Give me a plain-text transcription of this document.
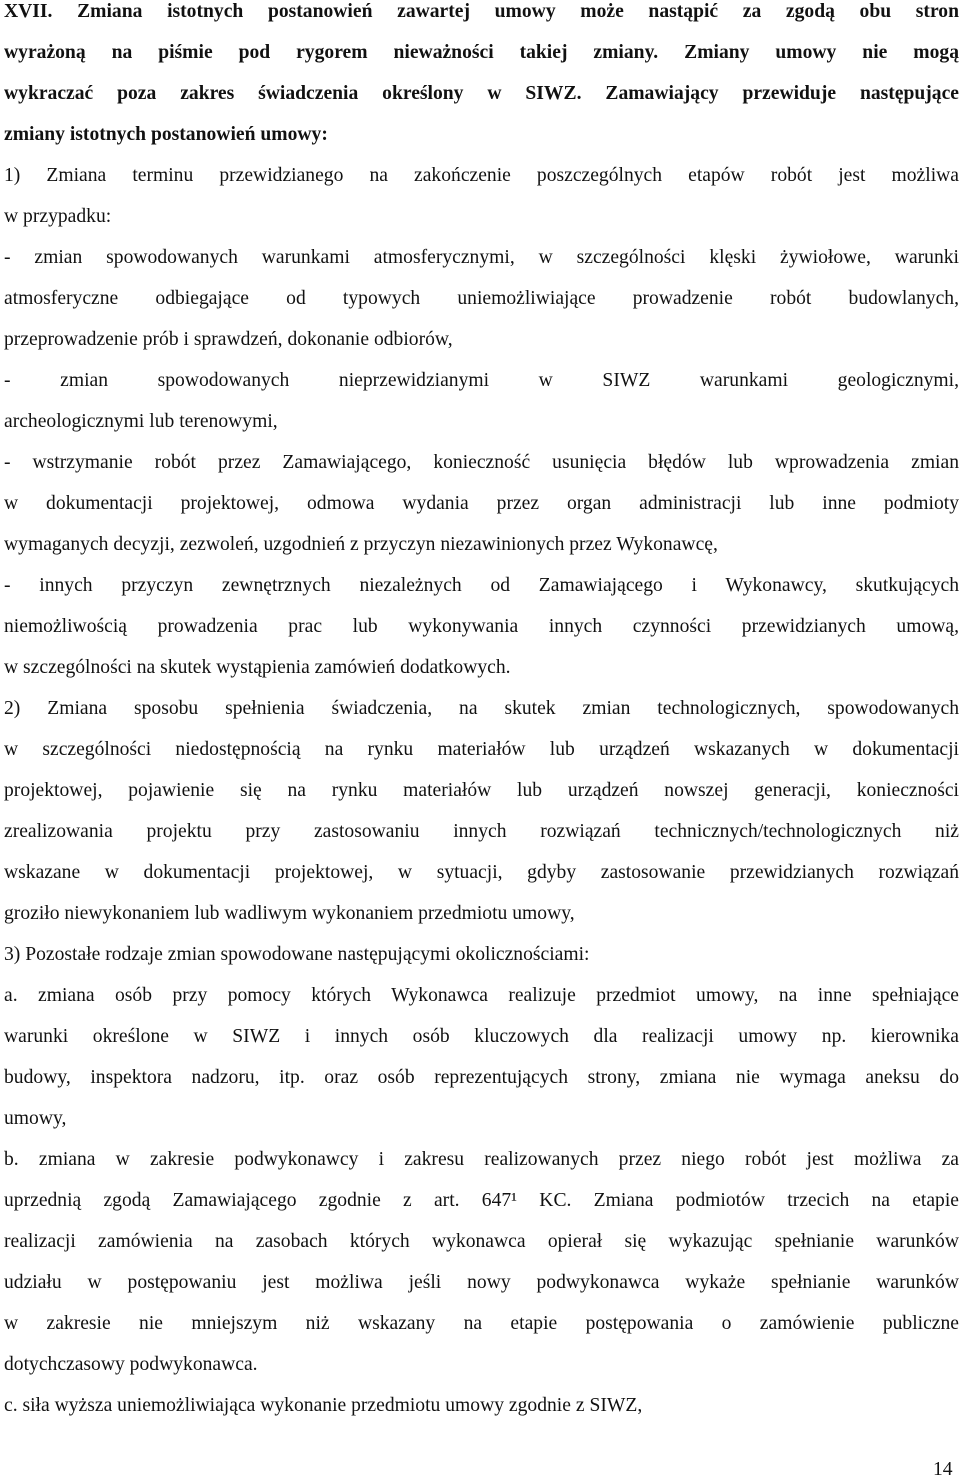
XVII. Zmiana istotnych postanowień zawartej umowy może nastąpić za zgodą obu stron
wyrażoną na piśmie pod rygorem nieważności takiej zmiany. Zmiany umowy nie mogą
wykraczać poza zakres świadczenia określony w SIWZ. Zamawiający przewiduje następujące
zmiany istotnych postanowień umowy:
1) Zmiana terminu przewidzianego na zakończenie poszczególnych etapów robót jest możliwa
w przypadku:
- zmian spowodowanych warunkami atmosferycznymi, w szczególności klęski żywiołowe, warunki
atmosferyczne odbiegające od typowych uniemożliwiające prowadzenie robót budowlanych,
przeprowadzenie prób i sprawdzeń, dokonanie odbiorów,
- zmian spowodowanych nieprzewidzianymi w SIWZ warunkami geologicznymi,
archeologicznymi lub terenowymi,
- wstrzymanie robót przez Zamawiającego, konieczność usunięcia błędów lub wprowadzenia zmian
w dokumentacji projektowej, odmowa wydania przez organ administracji lub inne podmioty
wymaganych decyzji, zezwoleń, uzgodnień z przyczyn niezawinionych przez Wykonawcę,
- innych przyczyn zewnętrznych niezależnych od Zamawiającego i Wykonawcy, skutkujących
niemożliwością prowadzenia prac lub wykonywania innych czynności przewidzianych umową,
w szczególności na skutek wystąpienia zamówień dodatkowych.
2) Zmiana sposobu spełnienia świadczenia, na skutek zmian technologicznych, spowodowanych
w szczególności niedostępnością na rynku materiałów lub urządzeń wskazanych w dokumentacji
projektowej, pojawienie się na rynku materiałów lub urządzeń nowszej generacji, konieczności
zrealizowania projektu przy zastosowaniu innych rozwiązań technicznych/technologicznych niż
wskazane w dokumentacji projektowej, w sytuacji, gdyby zastosowanie przewidzianych rozwiązań
groziło niewykonaniem lub wadliwym wykonaniem przedmiotu umowy,
3) Pozostałe rodzaje zmian spowodowane następującymi okolicznościami:
a. zmiana osób przy pomocy których Wykonawca realizuje przedmiot umowy, na inne spełniające
warunki określone w SIWZ i innych osób kluczowych dla realizacji umowy np. kierownika
budowy, inspektora nadzoru, itp. oraz osób reprezentujących strony, zmiana nie wymaga aneksu do
umowy,
b. zmiana w zakresie podwykonawcy i zakresu realizowanych przez niego robót jest możliwa za
uprzednią zgodą Zamawiającego zgodnie z art. 647¹ KC. Zmiana podmiotów trzecich na etapie
realizacji zamówienia na zasobach których wykonawca opierał się wykazując spełnianie warunków
udziału w postępowaniu jest możliwa jeśli nowy podwykonawca wykaże spełnianie warunków
w zakresie nie mniejszym niż wskazany na etapie postępowania o zamówienie publiczne
dotychczasowy podwykonawca.
c. siła wyższa uniemożliwiająca wykonanie przedmiotu umowy zgodnie z SIWZ,
14
